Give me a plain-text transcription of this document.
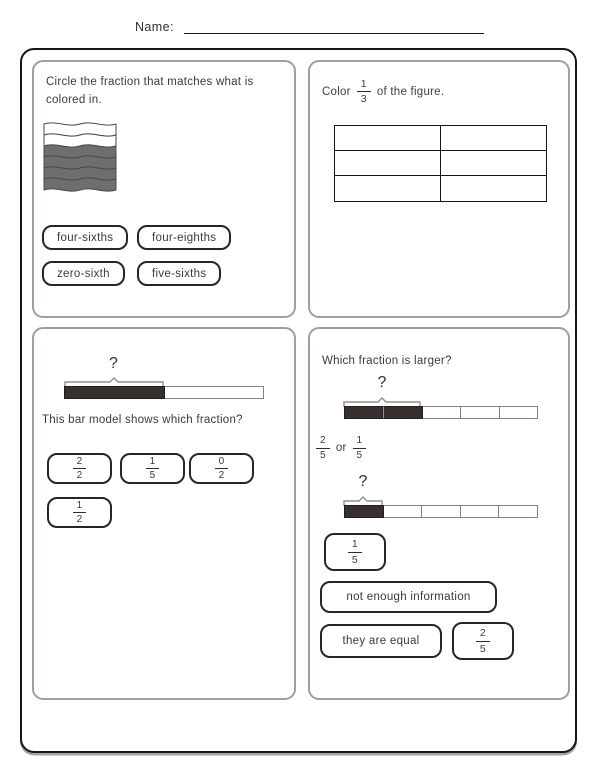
Name:
Circle the fraction that matches what is colored in.
four-sixths	four-eighths
zero-sixth	five-sixths
Color $\frac{1}{3}$ of the figure.
?
This bar model shows which fraction?
$\frac{2}{2}$	$\frac{1}{5}$	$\frac{0}{2}$
$\frac{1}{2}$
Which fraction is larger?
?
$\frac{2}{5}$ or $\frac{1}{5}$
?
$\frac{1}{5}$
not enough information
they are equal	$\frac{2}{5}$
